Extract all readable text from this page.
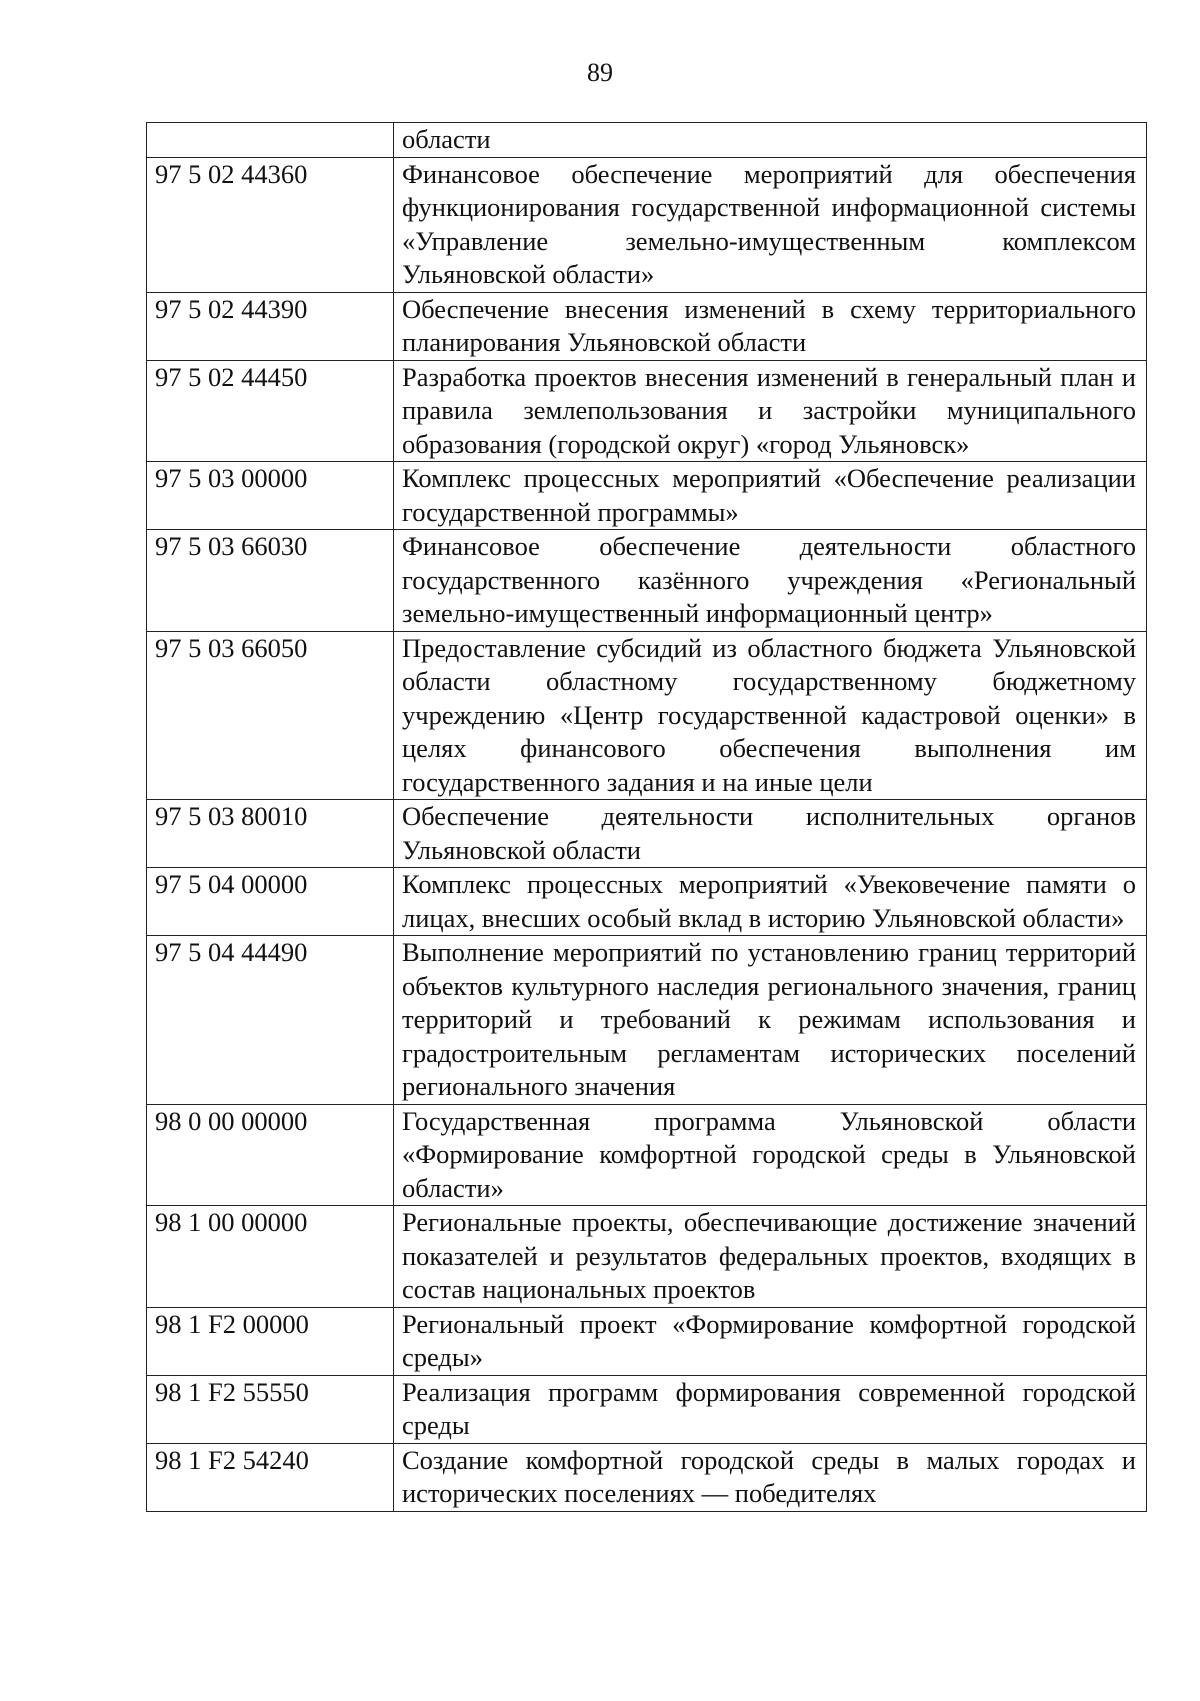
89
	области
97 5 02 44360	Финансовое обеспечение мероприятий для обеспечения функционирования государственной информационной системы «Управление земельно-имущественным комплексом Ульяновской области»
97 5 02 44390	Обеспечение внесения изменений в схему территориального планирования Ульяновской области
97 5 02 44450	Разработка проектов внесения изменений в генеральный план и правила землепользования и застройки муниципального образования (городской округ) «город Ульяновск»
97 5 03 00000	Комплекс процессных мероприятий «Обеспечение реализации государственной программы»
97 5 03 66030	Финансовое обеспечение деятельности областного государственного казённого учреждения «Региональный земельно-имущественный информационный центр»
97 5 03 66050	Предоставление субсидий из областного бюджета Ульяновской области областному государственному бюджетному учреждению «Центр государственной кадастровой оценки» в целях финансового обеспечения выполнения им государственного задания и на иные цели
97 5 03 80010	Обеспечение деятельности исполнительных органов Ульяновской области
97 5 04 00000	Комплекс процессных мероприятий «Увековечение памяти о лицах, внесших особый вклад в историю Ульяновской области»
97 5 04 44490	Выполнение мероприятий по установлению границ территорий объектов культурного наследия регионального значения, границ территорий и требований к режимам использования и градостроительным регламентам исторических поселений регионального значения
98 0 00 00000	Государственная программа Ульяновской области «Формирование комфортной городской среды в Ульяновской области»
98 1 00 00000	Региональные проекты, обеспечивающие достижение значений показателей и результатов федеральных проектов, входящих в состав национальных проектов
98 1 F2 00000	Региональный проект «Формирование комфортной городской среды»
98 1 F2 55550	Реализация программ формирования современной городской среды
98 1 F2 54240	Создание комфортной городской среды в малых городах и исторических поселениях — победителях
